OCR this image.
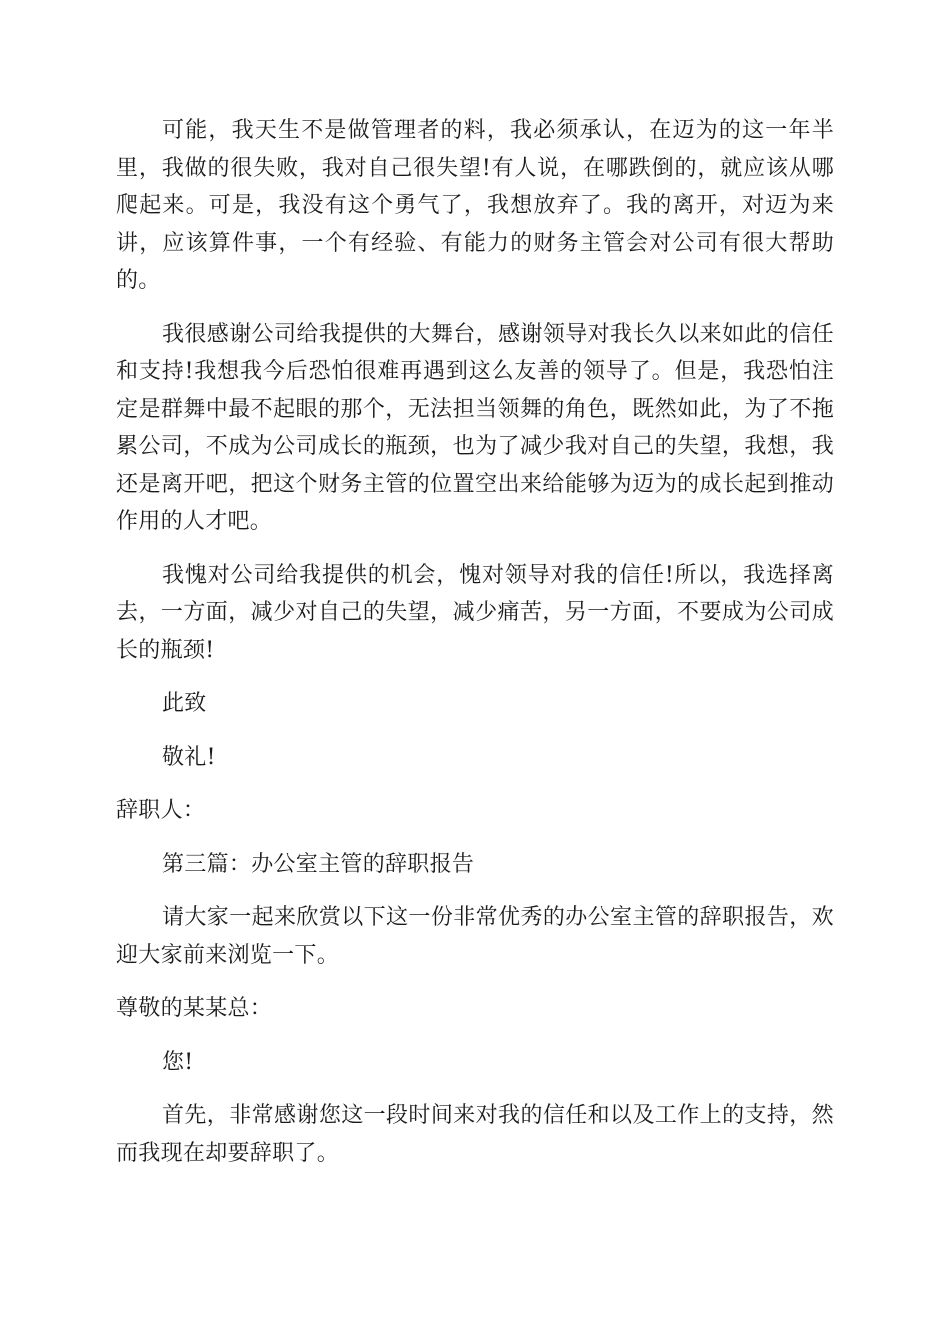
可能，我天生不是做管理者的料，我必须承认，在迈为的这一年半里，我做的很失败，我对自己很失望!有人说，在哪跌倒的，就应该从哪爬起来。可是，我没有这个勇气了，我想放弃了。我的离开，对迈为来讲，应该算件事，一个有经验、有能力的财务主管会对公司有很大帮助的。

我很感谢公司给我提供的大舞台，感谢领导对我长久以来如此的信任和支持!我想我今后恐怕很难再遇到这么友善的领导了。但是，我恐怕注定是群舞中最不起眼的那个，无法担当领舞的角色，既然如此，为了不拖累公司，不成为公司成长的瓶颈，也为了减少我对自己的失望，我想，我还是离开吧，把这个财务主管的位置空出来给能够为迈为的成长起到推动作用的人才吧。

我愧对公司给我提供的机会，愧对领导对我的信任!所以，我选择离去，一方面，减少对自己的失望，减少痛苦，另一方面，不要成为公司成长的瓶颈!

此致

敬礼!

辞职人：

第三篇：办公室主管的辞职报告

请大家一起来欣赏以下这一份非常优秀的办公室主管的辞职报告，欢迎大家前来浏览一下。

尊敬的某某总：

您!

首先，非常感谢您这一段时间来对我的信任和以及工作上的支持，然而我现在却要辞职了。
